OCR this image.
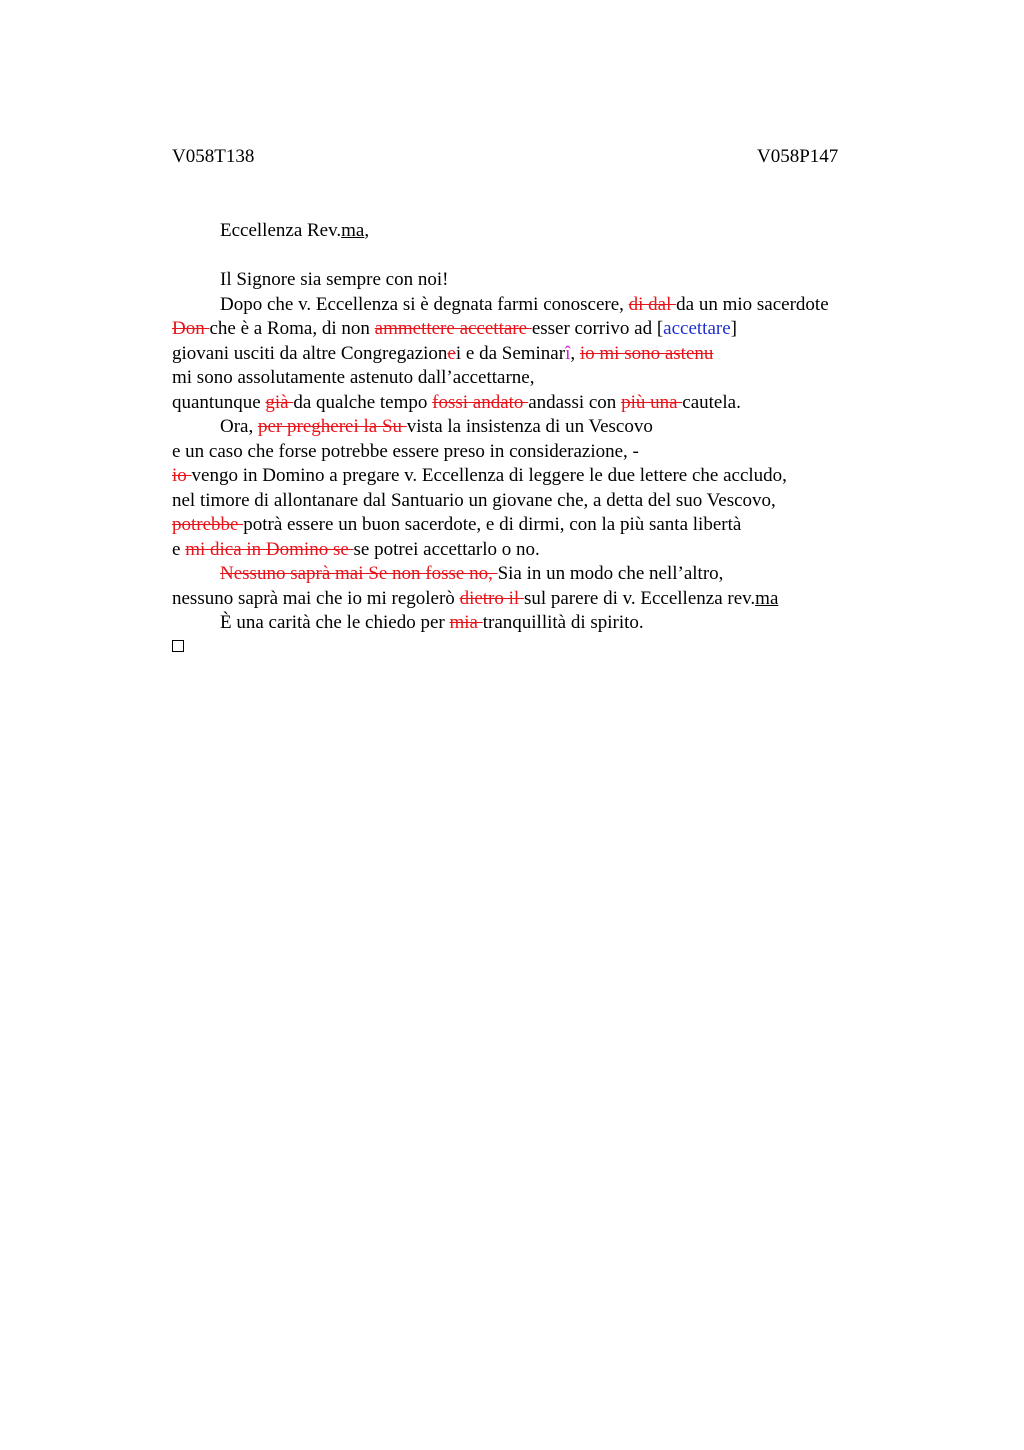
V058T138	V058P147
Eccellenza Rev.ma,
Il Signore sia sempre con noi!
Dopo che v. Eccellenza si è degnata farmi conoscere, di dal da un mio sacerdote
Don che è a Roma, di non ammettere accettare esser corrivo ad [accettare]
giovani usciti da altre Congregazionei e da Seminarî, io mi sono astenu
mi sono assolutamente astenuto dall’accettarne,
quantunque già da qualche tempo fossi andato andassi con più una cautela.
Ora, per pregherei la Su vista la insistenza di un Vescovo
e un caso che forse potrebbe essere preso in considerazione, -
io vengo in Domino a pregare v. Eccellenza di leggere le due lettere che accludo,
nel timore di allontanare dal Santuario un giovane che, a detta del suo Vescovo,
potrebbe potrà essere un buon sacerdote, e di dirmi, con la più santa libertà
e mi dica in Domino se se potrei accettarlo o no.
Nessuno saprà mai Se non fosse no, Sia in un modo che nell’altro,
nessuno saprà mai che io mi regolerò dietro il sul parere di v. Eccellenza rev.ma
È una carità che le chiedo per mia tranquillità di spirito.
